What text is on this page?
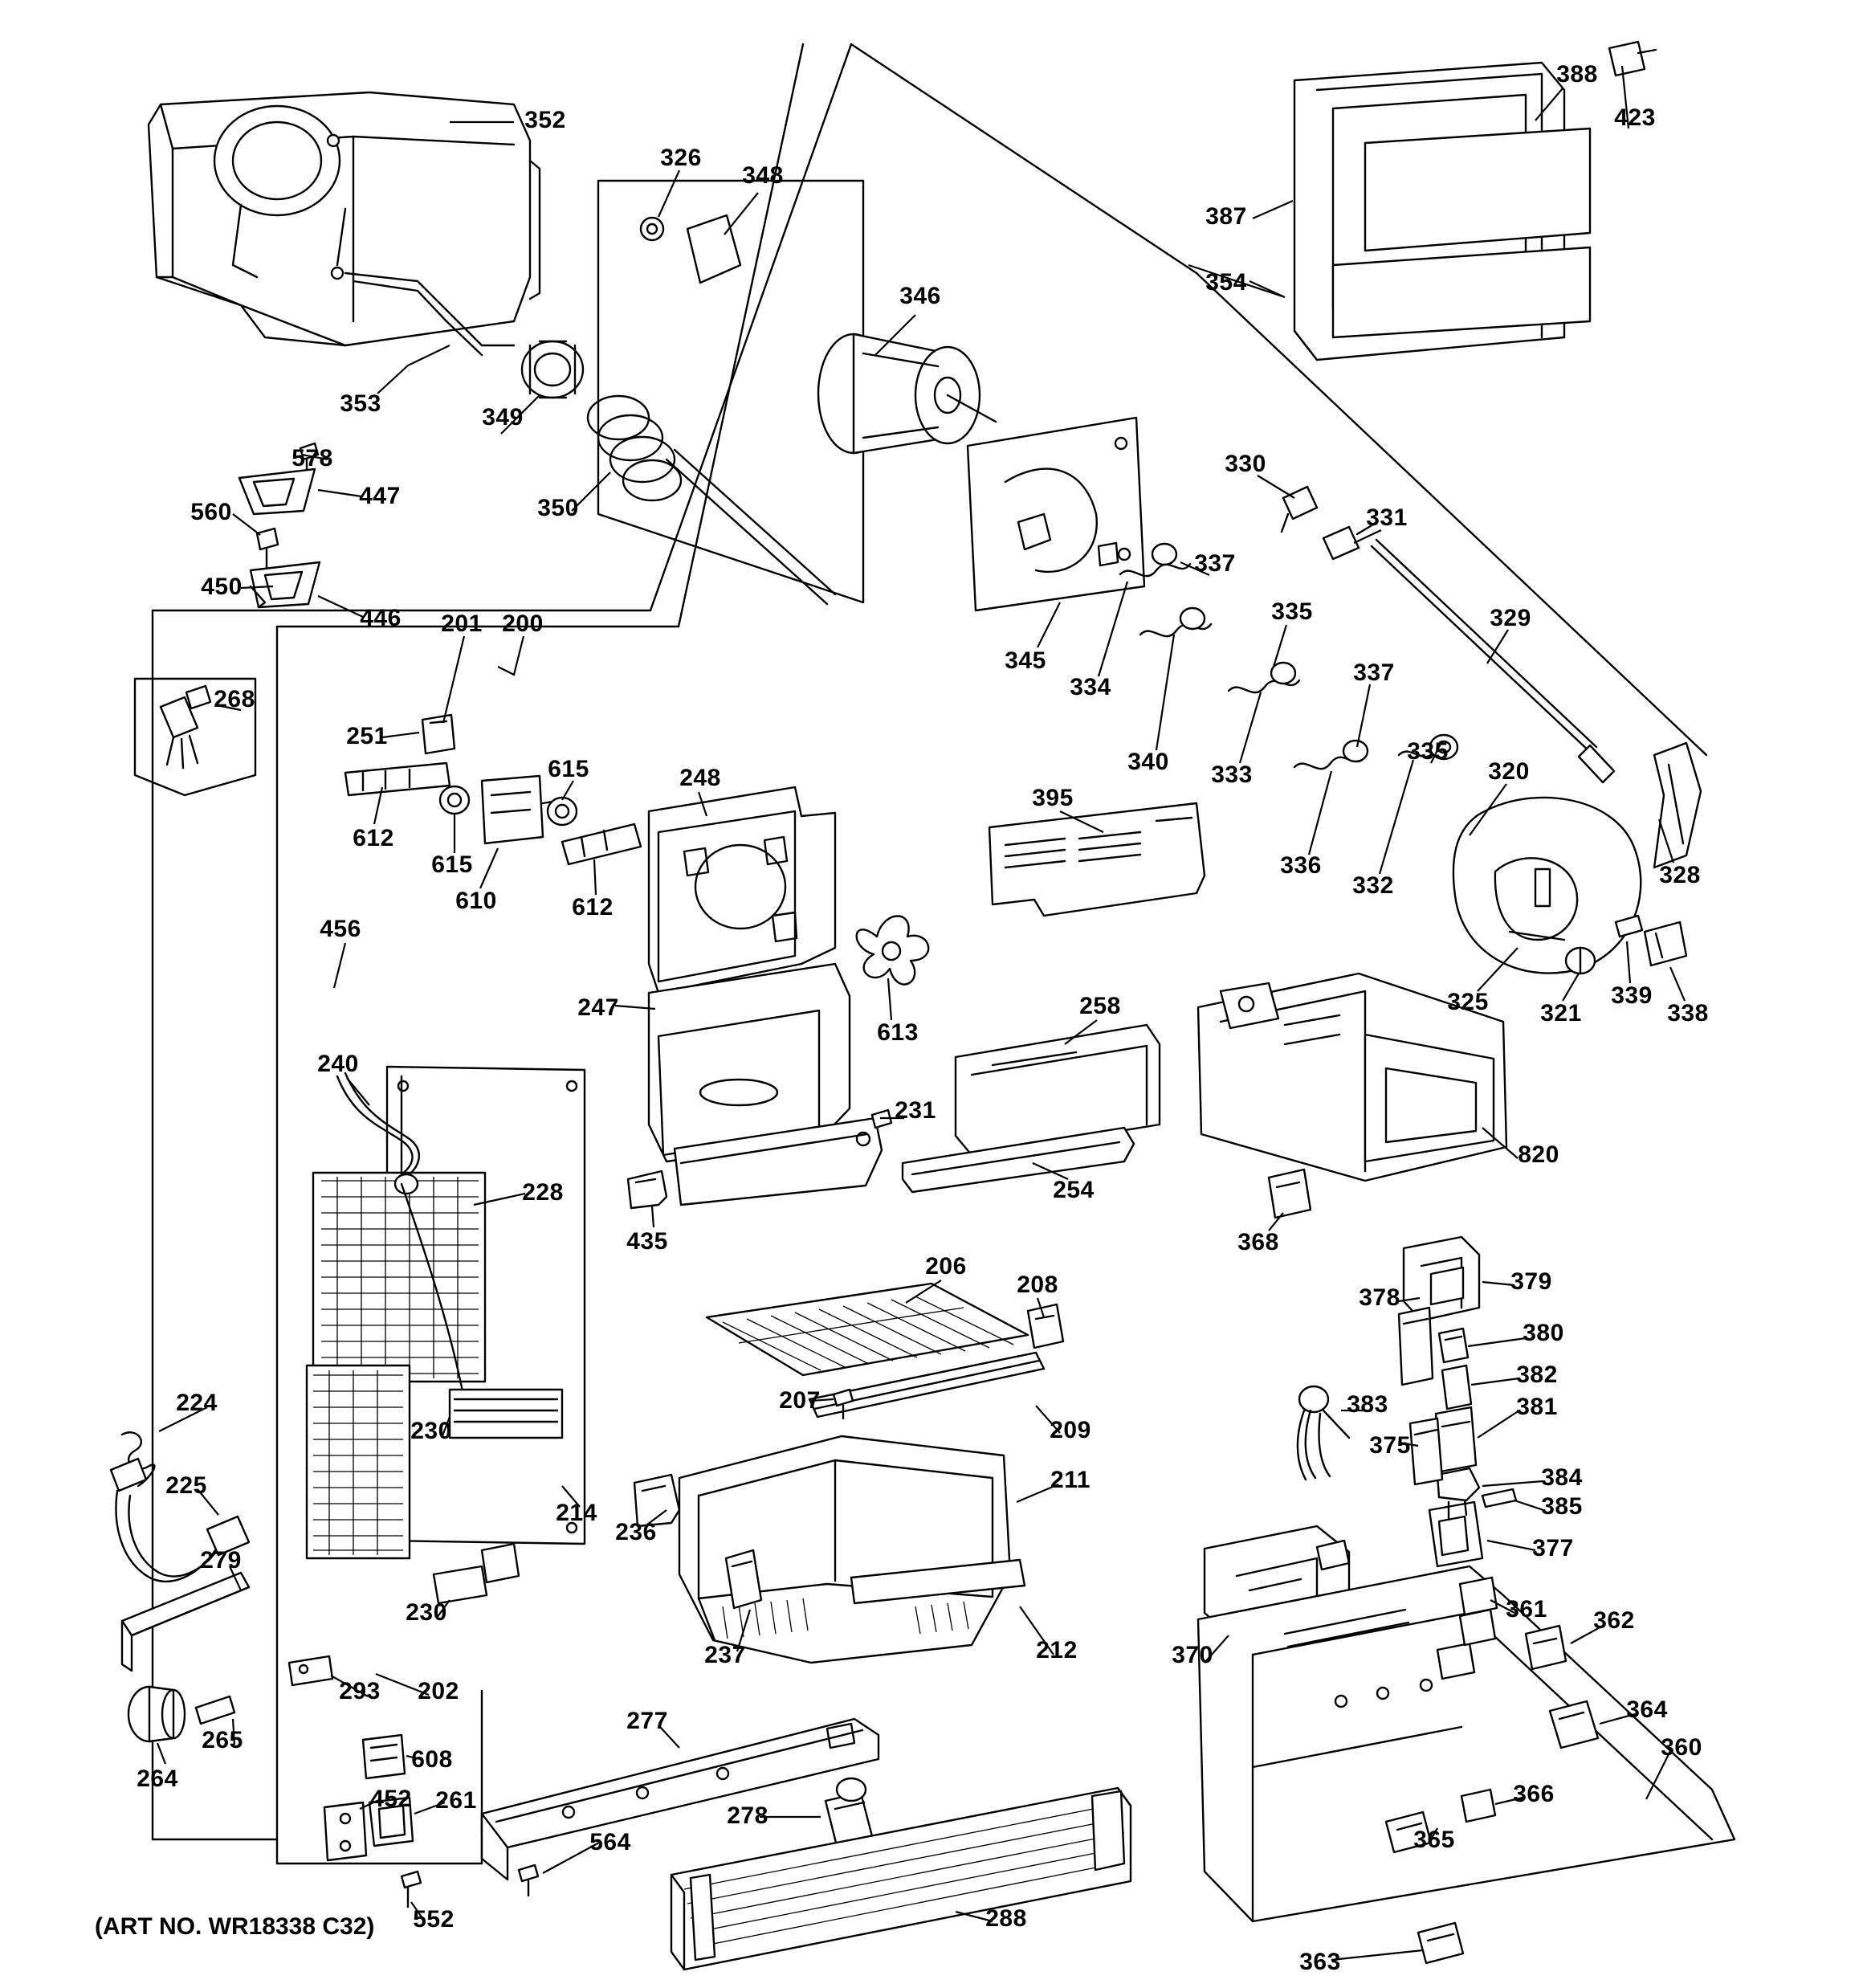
352
326
348
346
388
423
387
354
353
349
350
578
447
560
450
446
330
331
337
335	329
345
334
337
340 333
335
320
336
332	328
325 321
339
338
201 200
268
251
615	248
612
615
610	612
395
456
247
613
240
258
228
231
820
435
254
368
206
208	378
379
380
382
207	381
383
224
230	209
375
211
225	384
385
377
279
214
236
361 362
230
370
237	212
364
360
293 202
265
264
277
608
452 261	366
365
278
564
552	288
363
(ART NO. WR18338 C32)
